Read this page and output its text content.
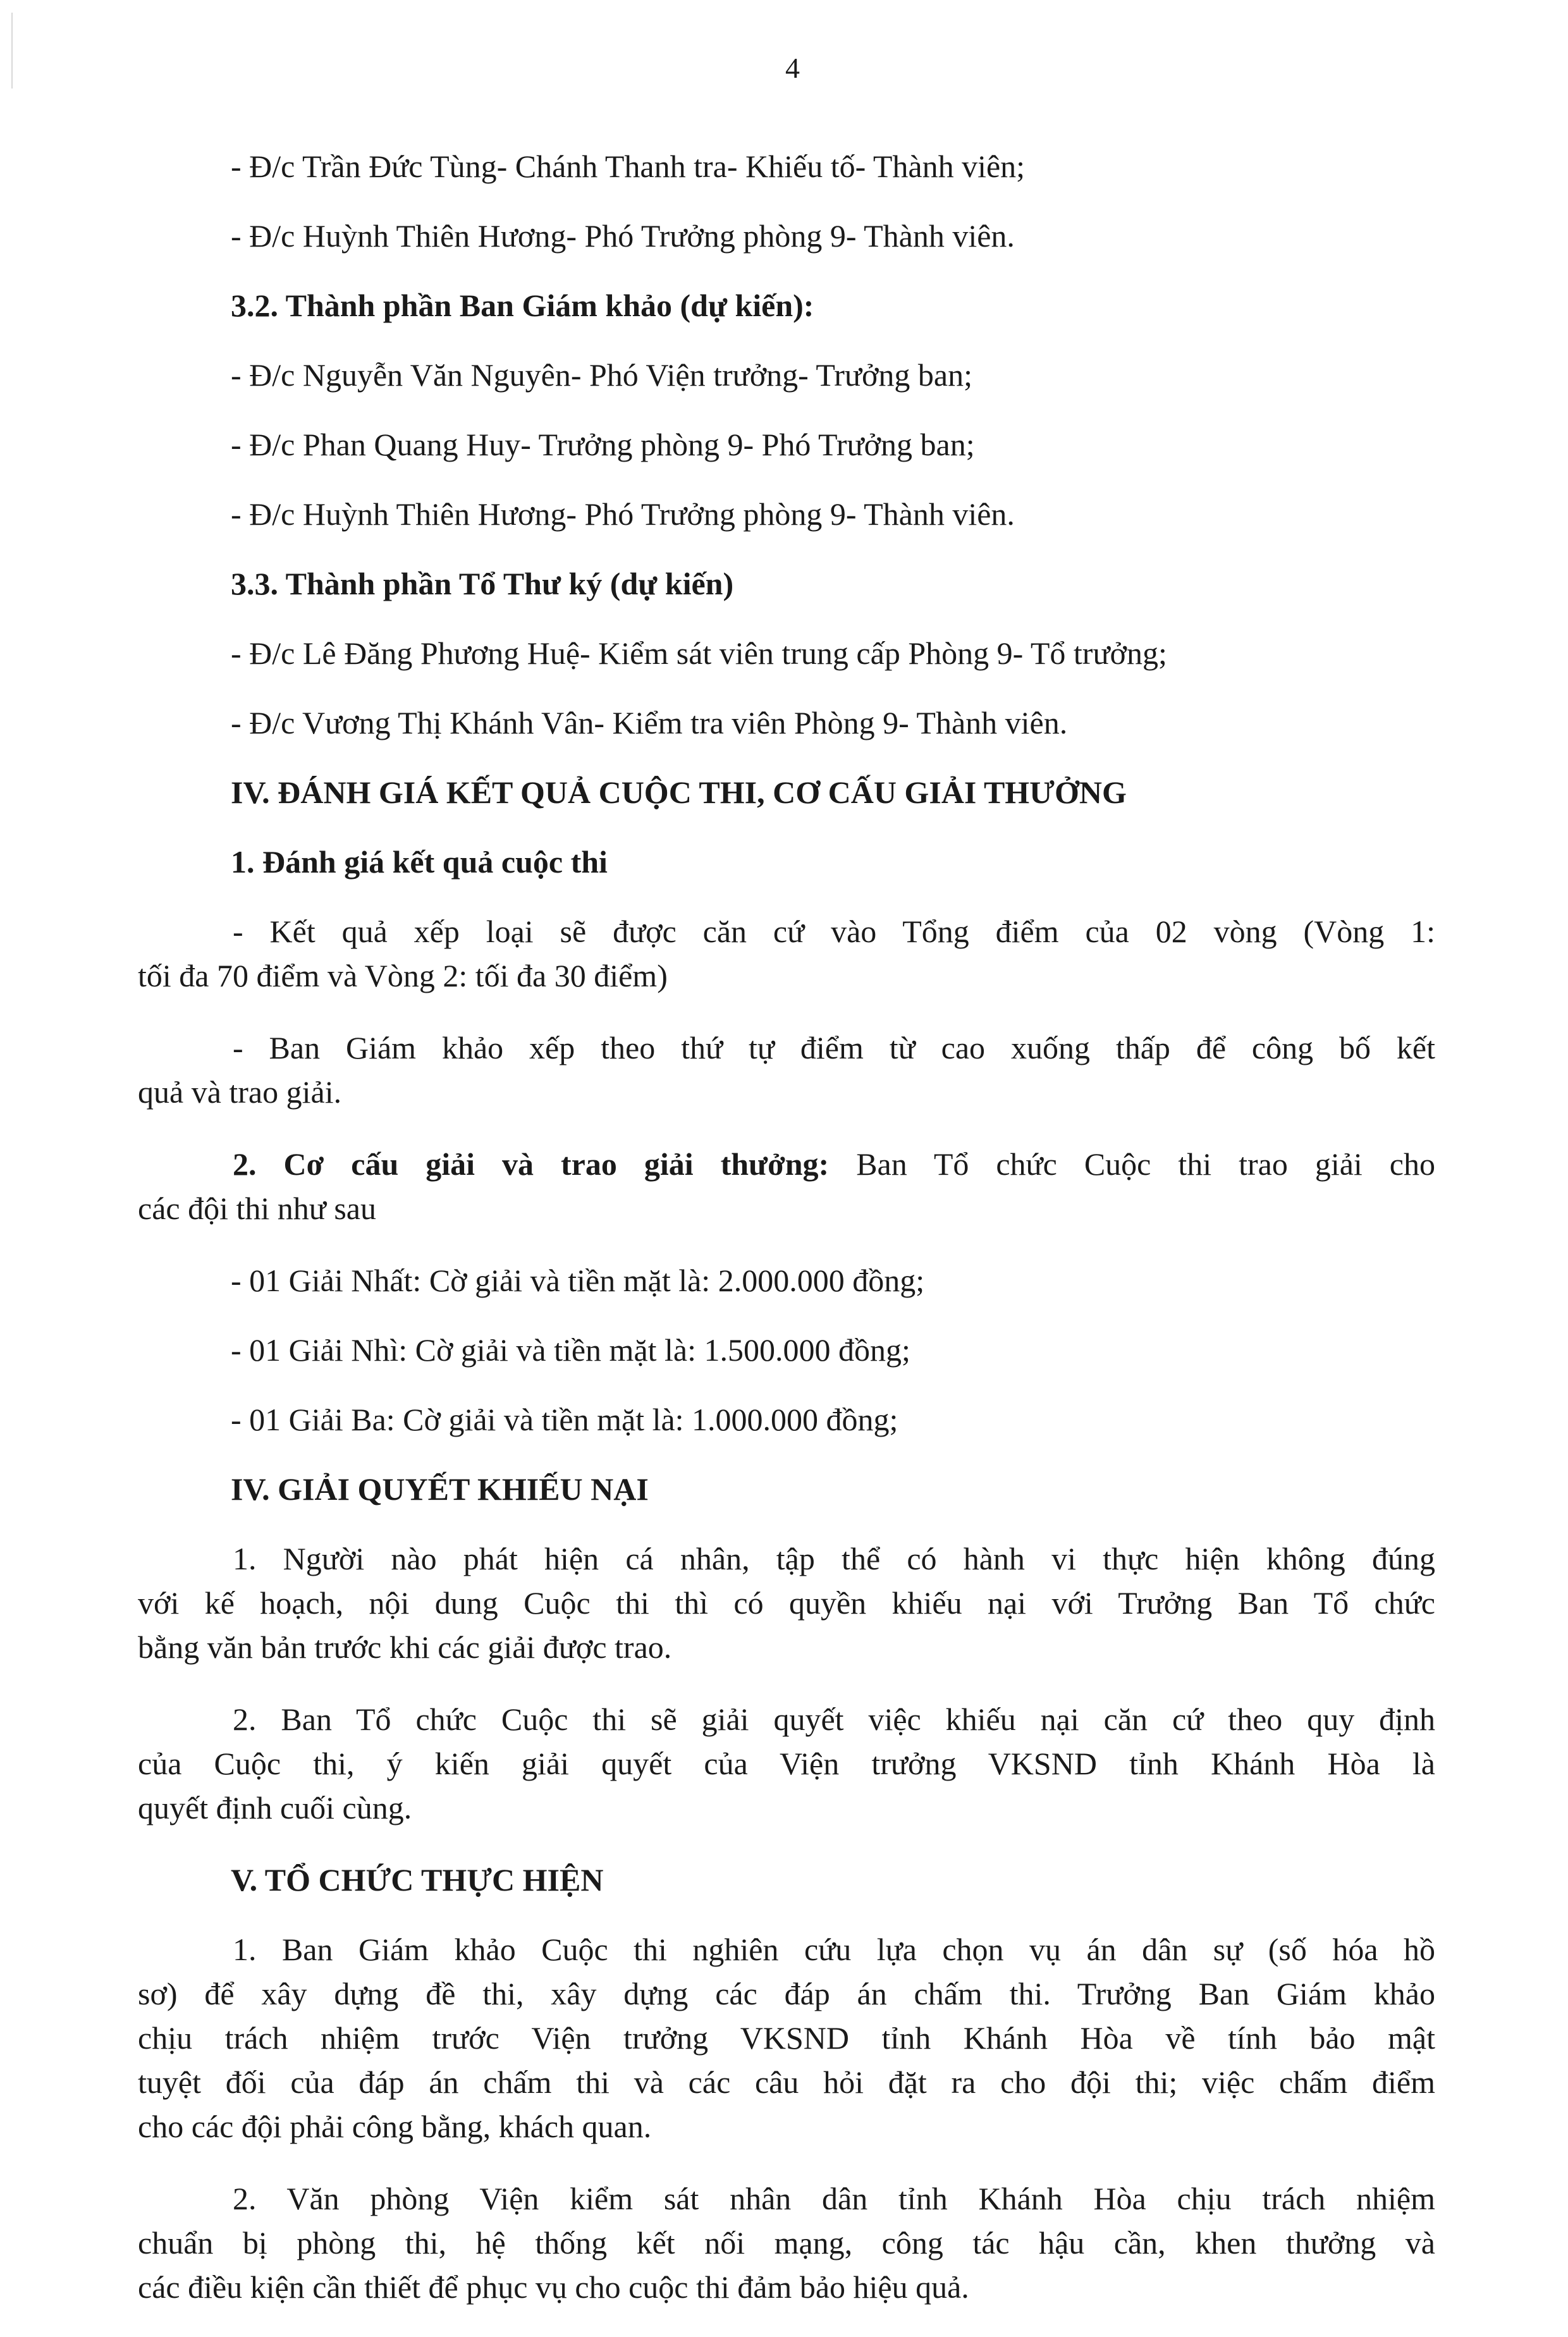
4
- Đ/c Trần Đức Tùng- Chánh Thanh tra- Khiếu tố- Thành viên;
- Đ/c Huỳnh Thiên Hương- Phó Trưởng phòng 9- Thành viên.
3.2. Thành phần Ban Giám khảo (dự kiến):
- Đ/c Nguyễn Văn Nguyên- Phó Viện trưởng- Trưởng ban;
- Đ/c Phan Quang Huy- Trưởng phòng 9- Phó Trưởng ban;
- Đ/c Huỳnh Thiên Hương- Phó Trưởng phòng 9- Thành viên.
3.3. Thành phần Tổ Thư ký (dự kiến)
- Đ/c Lê Đăng Phương Huệ- Kiểm sát viên trung cấp Phòng 9- Tổ trưởng;
- Đ/c Vương Thị Khánh Vân- Kiểm tra viên Phòng 9- Thành viên.
IV. ĐÁNH GIÁ KẾT QUẢ CUỘC THI, CƠ CẤU GIẢI THƯỞNG
1. Đánh giá kết quả cuộc thi
- Kết quả xếp loại sẽ được căn cứ vào Tổng điểm của 02 vòng (Vòng 1:
tối đa 70 điểm và Vòng 2: tối đa 30 điểm)
- Ban Giám khảo xếp theo thứ tự điểm từ cao xuống thấp để công bố kết
quả và trao giải.
2. Cơ cấu giải và trao giải thưởng: Ban Tổ chức Cuộc thi trao giải cho
các đội thi như sau
- 01 Giải Nhất: Cờ giải và tiền mặt là: 2.000.000 đồng;
- 01 Giải Nhì: Cờ giải và tiền mặt là: 1.500.000 đồng;
- 01 Giải Ba: Cờ giải và tiền mặt là: 1.000.000 đồng;
IV. GIẢI QUYẾT KHIẾU NẠI
1. Người nào phát hiện cá nhân, tập thể có hành vi thực hiện không đúng
với kế hoạch, nội dung Cuộc thi thì có quyền khiếu nại với Trưởng Ban Tổ chức
bằng văn bản trước khi các giải được trao.
2. Ban Tổ chức Cuộc thi sẽ giải quyết việc khiếu nại căn cứ theo quy định
của Cuộc thi, ý kiến giải quyết của Viện trưởng VKSND tỉnh Khánh Hòa là
quyết định cuối cùng.
V. TỔ CHỨC THỰC HIỆN
1. Ban Giám khảo Cuộc thi nghiên cứu lựa chọn vụ án dân sự (số hóa hồ
sơ) để xây dựng đề thi, xây dựng các đáp án chấm thi. Trưởng Ban Giám khảo
chịu trách nhiệm trước Viện trưởng VKSND tỉnh Khánh Hòa về tính bảo mật
tuyệt đối của đáp án chấm thi và các câu hỏi đặt ra cho đội thi; việc chấm điểm
cho các đội phải công bằng, khách quan.
2. Văn phòng Viện kiểm sát nhân dân tỉnh Khánh Hòa chịu trách nhiệm
chuẩn bị phòng thi, hệ thống kết nối mạng, công tác hậu cần, khen thưởng và
các điều kiện cần thiết để phục vụ cho cuộc thi đảm bảo hiệu quả.
